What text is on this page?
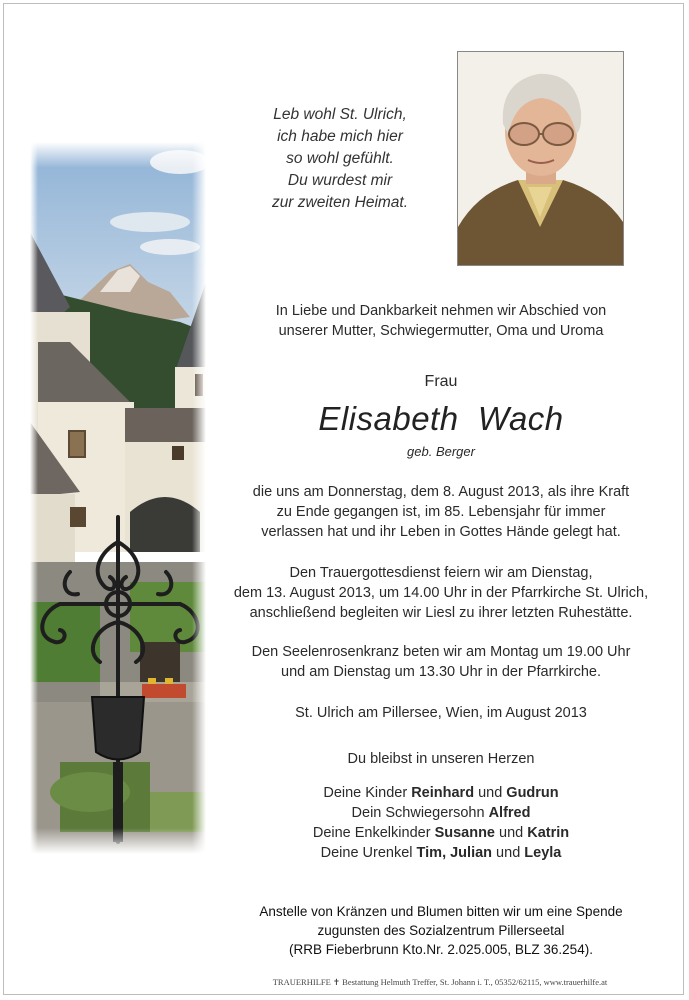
Leb wohl St. Ulrich,
ich habe mich hier
so wohl gefühlt.
Du wurdest mir
zur zweiten Heimat.
In Liebe und Dankbarkeit nehmen wir Abschied von
unserer Mutter, Schwiegermutter, Oma und Uroma
Frau
Elisabeth  Wach
geb. Berger
die uns am Donnerstag, dem 8. August 2013, als ihre Kraft
zu Ende gegangen ist, im 85. Lebensjahr für immer
verlassen hat und ihr Leben in Gottes Hände gelegt hat.
Den Trauergottesdienst feiern wir am Dienstag,
dem 13. August 2013, um 14.00 Uhr in der Pfarrkirche St. Ulrich,
anschließend begleiten wir Liesl zu ihrer letzten Ruhestätte.
Den Seelenrosenkranz beten wir am Montag um 19.00 Uhr
und am Dienstag um 13.30 Uhr in der Pfarrkirche.
St. Ulrich am Pillersee, Wien, im August 2013
Du bleibst in unseren Herzen
Deine Kinder Reinhard und Gudrun
Dein Schwiegersohn Alfred
Deine Enkelkinder Susanne und Katrin
Deine Urenkel Tim, Julian und Leyla
Anstelle von Kränzen und Blumen bitten wir um eine Spende
zugunsten des Sozialzentrum Pillerseetal
(RRB Fieberbrunn Kto.Nr. 2.025.005, BLZ 36.254).
TRAUERHILFE ✝ Bestattung Helmuth Treffer, St. Johann i. T., 05352/62115, www.trauerhilfe.at
